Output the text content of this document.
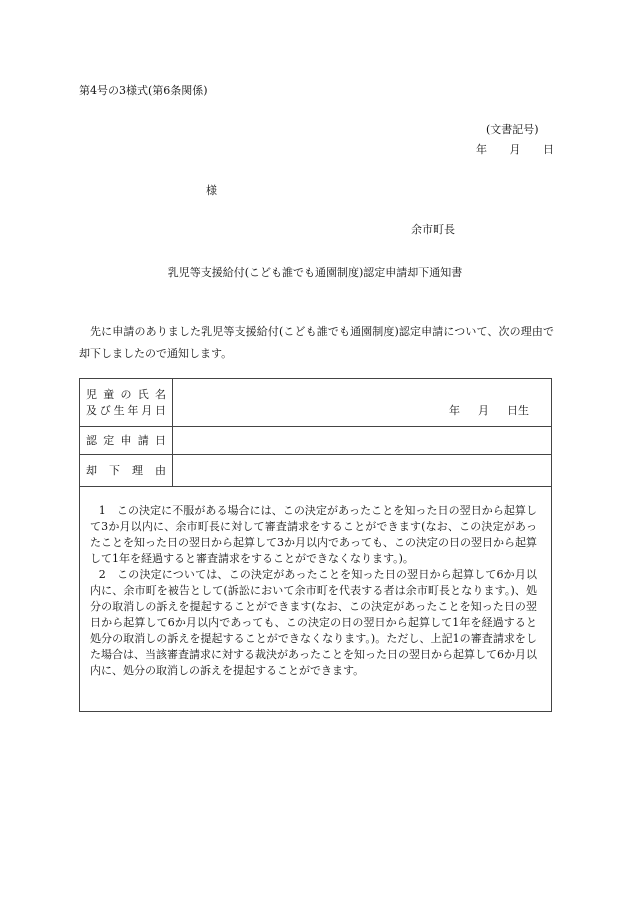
第4号の3様式(第6条関係)
(文書記号)
年 月 日
様
余市町長
乳児等支援給付(こども誰でも通園制度)認定申請却下通知書
先に申請のありました乳児等支援給付(こども誰でも通園制度)認定申請について、次の理由で却下しましたので通知します。
児 童 の 氏 名
及 び 生 年 月 日	年 月 日生
認 定 申 請 日
却 下 理 由

1　この決定に不服がある場合には、この決定があったことを知った日の翌日から起算して3か月以内に、余市町長に対して審査請求をすることができます(なお、この決定があったことを知った日の翌日から起算して3か月以内であっても、この決定の日の翌日から起算して1年を経過すると審査請求をすることができなくなります。)。

2　この決定については、この決定があったことを知った日の翌日から起算して6か月以内に、余市町を被告として(訴訟において余市町を代表する者は余市町長となります。)、処分の取消しの訴えを提起することができます(なお、この決定があったことを知った日の翌日から起算して6か月以内であっても、この決定の日の翌日から起算して1年を経過すると処分の取消しの訴えを提起することができなくなります。)。ただし、上記1の審査請求をした場合は、当該審査請求に対する裁決があったことを知った日の翌日から起算して6か月以内に、処分の取消しの訴えを提起することができます。
